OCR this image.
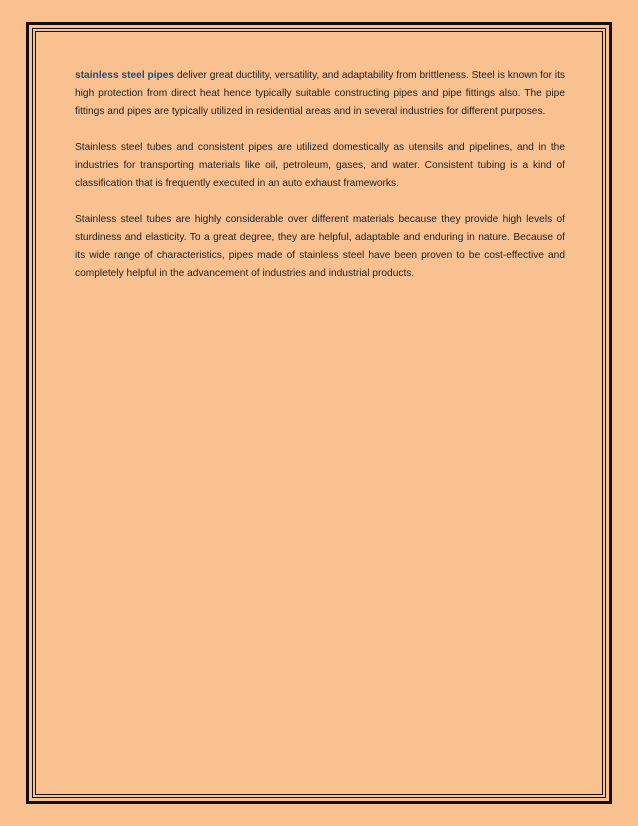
stainless steel pipes deliver great ductility, versatility, and adaptability from brittleness. Steel is known for its high protection from direct heat hence typically suitable constructing pipes and pipe fittings also. The pipe fittings and pipes are typically utilized in residential areas and in several industries for different purposes.

Stainless steel tubes and consistent pipes are utilized domestically as utensils and pipelines, and in the industries for transporting materials like oil, petroleum, gases, and water. Consistent tubing is a kind of classification that is frequently executed in an auto exhaust frameworks.

Stainless steel tubes are highly considerable over different materials because they provide high levels of sturdiness and elasticity. To a great degree, they are helpful, adaptable and enduring in nature. Because of its wide range of characteristics, pipes made of stainless steel have been proven to be cost-effective and completely helpful in the advancement of industries and industrial products.
